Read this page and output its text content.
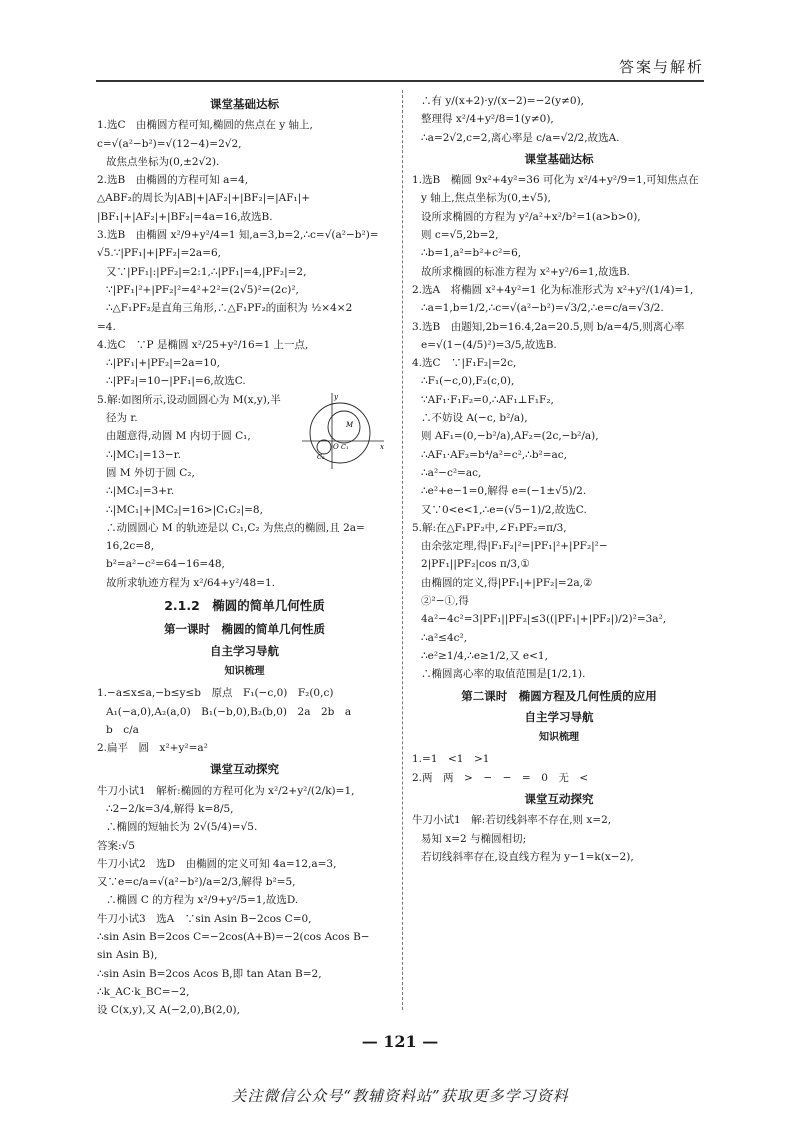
答案与解析
课堂基础达标
1.选C　由椭圆方程可知,椭圆的焦点在 y 轴上,
c=√(a²−b²)=√(12−4)=2√2,
故焦点坐标为(0,±2√2).
2.选B　由椭圆的方程可知 a=4,
△ABF₂的周长为|AB|+|AF₂|+|BF₂|=|AF₁|+
|BF₁|+|AF₂|+|BF₂|=4a=16,故选B.
3.选B　由椭圆 x²/9+y²/4=1 知,a=3,b=2,∴c=√(a²−b²)=
√5.∵|PF₁|+|PF₂|=2a=6,
又∵|PF₁|:|PF₂|=2:1,∴|PF₁|=4,|PF₂|=2,
∵|PF₁|²+|PF₂|²=4²+2²=(2√5)²=(2c)²,
∴△F₁PF₂是直角三角形,∴△F₁PF₂的面积为 ½×4×2
=4.
4.选C　∵P 是椭圆 x²/25+y²/16=1 上一点,
∴|PF₁|+|PF₂|=2a=10,
∴|PF₂|=10−|PF₁|=6,故选C.
y
x
M
O C₁
C₂
5.解:如图所示,设动圆圆心为 M(x,y),半
径为 r.
由题意得,动圆 M 内切于圆 C₁,
∴|MC₁|=13−r.
圆 M 外切于圆 C₂,
∴|MC₂|=3+r.
∴|MC₁|+|MC₂|=16>|C₁C₂|=8,
∴动圆圆心 M 的轨迹是以 C₁,C₂ 为焦点的椭圆,且 2a=
16,2c=8,
b²=a²−c²=64−16=48,
故所求轨迹方程为 x²/64+y²/48=1.
2.1.2　椭圆的简单几何性质
第一课时　椭圆的简单几何性质
自主学习导航
知识梳理
1.−a≤x≤a,−b≤y≤b　原点　F₁(−c,0)　F₂(0,c)
A₁(−a,0),A₂(a,0)　B₁(−b,0),B₂(b,0)　2a　2b　a
b　c/a
2.扁平　圆　x²+y²=a²
课堂互动探究
牛刀小试1　解析:椭圆的方程可化为 x²/2+y²/(2/k)=1,
∴2−2/k=3/4,解得 k=8/5,
∴椭圆的短轴长为 2√(5/4)=√5.
答案:√5
牛刀小试2　选D　由椭圆的定义可知 4a=12,a=3,
又∵e=c/a=√(a²−b²)/a=2/3,解得 b²=5,
∴椭圆 C 的方程为 x²/9+y²/5=1,故选D.
牛刀小试3　选A　∵sin Asin B−2cos C=0,
∴sin Asin B=2cos C=−2cos(A+B)=−2(cos Acos B−
sin Asin B),
∴sin Asin B=2cos Acos B,即 tan Atan B=2,
∴k_AC·k_BC=−2,
设 C(x,y),又 A(−2,0),B(2,0),
∴有 y/(x+2)·y/(x−2)=−2(y≠0),
整理得 x²/4+y²/8=1(y≠0),
∴a=2√2,c=2,离心率是 c/a=√2/2,故选A.
课堂基础达标
1.选B　椭圆 9x²+4y²=36 可化为 x²/4+y²/9=1,可知焦点在
y 轴上,焦点坐标为(0,±√5),
设所求椭圆的方程为 y²/a²+x²/b²=1(a>b>0),
则 c=√5,2b=2,
∴b=1,a²=b²+c²=6,
故所求椭圆的标准方程为 x²+y²/6=1,故选B.
2.选A　将椭圆 x²+4y²=1 化为标准形式为 x²+y²/(1/4)=1,
∴a=1,b=1/2,∴c=√(a²−b²)=√3/2,∴e=c/a=√3/2.
3.选B　由题知,2b=16.4,2a=20.5,则 b/a=4/5,则离心率
e=√(1−(4/5)²)=3/5,故选B.
4.选C　∵|F₁F₂|=2c,
∴F₁(−c,0),F₂(c,0),
∵AF₁·F₁F₂=0,∴AF₁⊥F₁F₂,
∴不妨设 A(−c, b²/a),
则 AF₁=(0,−b²/a),AF₂=(2c,−b²/a),
∴AF₁·AF₂=b⁴/a²=c²,∴b²=ac,
∴a²−c²=ac,
∴e²+e−1=0,解得 e=(−1±√5)/2.
又∵0<e<1,∴e=(√5−1)/2,故选C.
5.解:在△F₁PF₂中,∠F₁PF₂=π/3,
由余弦定理,得|F₁F₂|²=|PF₁|²+|PF₂|²−
2|PF₁||PF₂|cos π/3,①
由椭圆的定义,得|PF₁|+|PF₂|=2a,②
②²−①,得
4a²−4c²=3|PF₁||PF₂|≤3((|PF₁|+|PF₂|)/2)²=3a²,
∴a²≤4c²,
∴e²≥1/4,∴e≥1/2,又 e<1,
∴椭圆离心率的取值范围是[1/2,1).
第二课时　椭圆方程及几何性质的应用
自主学习导航
知识梳理
1.=1　<1　>1
2.两　两　>　−　−　=　0　无　<
课堂互动探究
牛刀小试1　解:若切线斜率不存在,则 x=2,
易知 x=2 与椭圆相切;
若切线斜率存在,设直线方程为 y−1=k(x−2),
— 121 —
关注微信公众号“教辅资料站”获取更多学习资料
